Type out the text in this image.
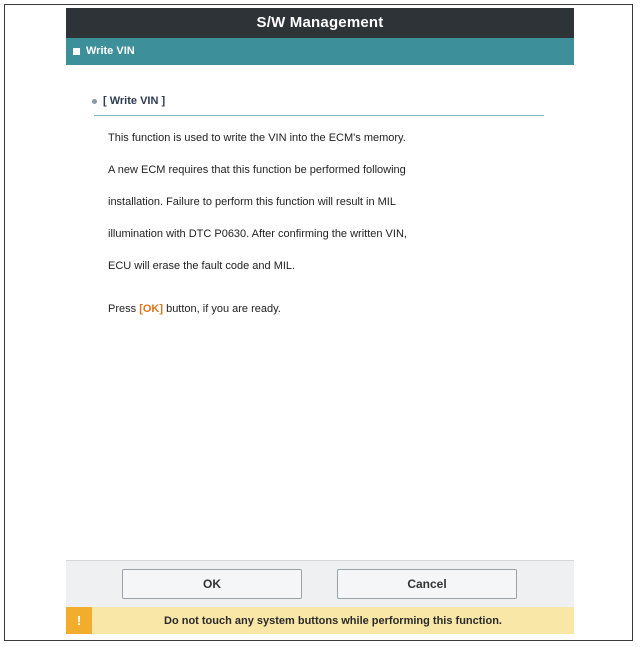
S/W Management
Write VIN
[ Write VIN ]
This function is used to write the VIN into the ECM's memory.
A new ECM requires that this function be performed following
installation. Failure to perform this function will result in MIL
illumination with DTC P0630. After confirming the written VIN,
ECU will erase the fault code and MIL.
Press [OK] button, if you are ready.
OK	Cancel
!	Do not touch any system buttons while performing this function.
